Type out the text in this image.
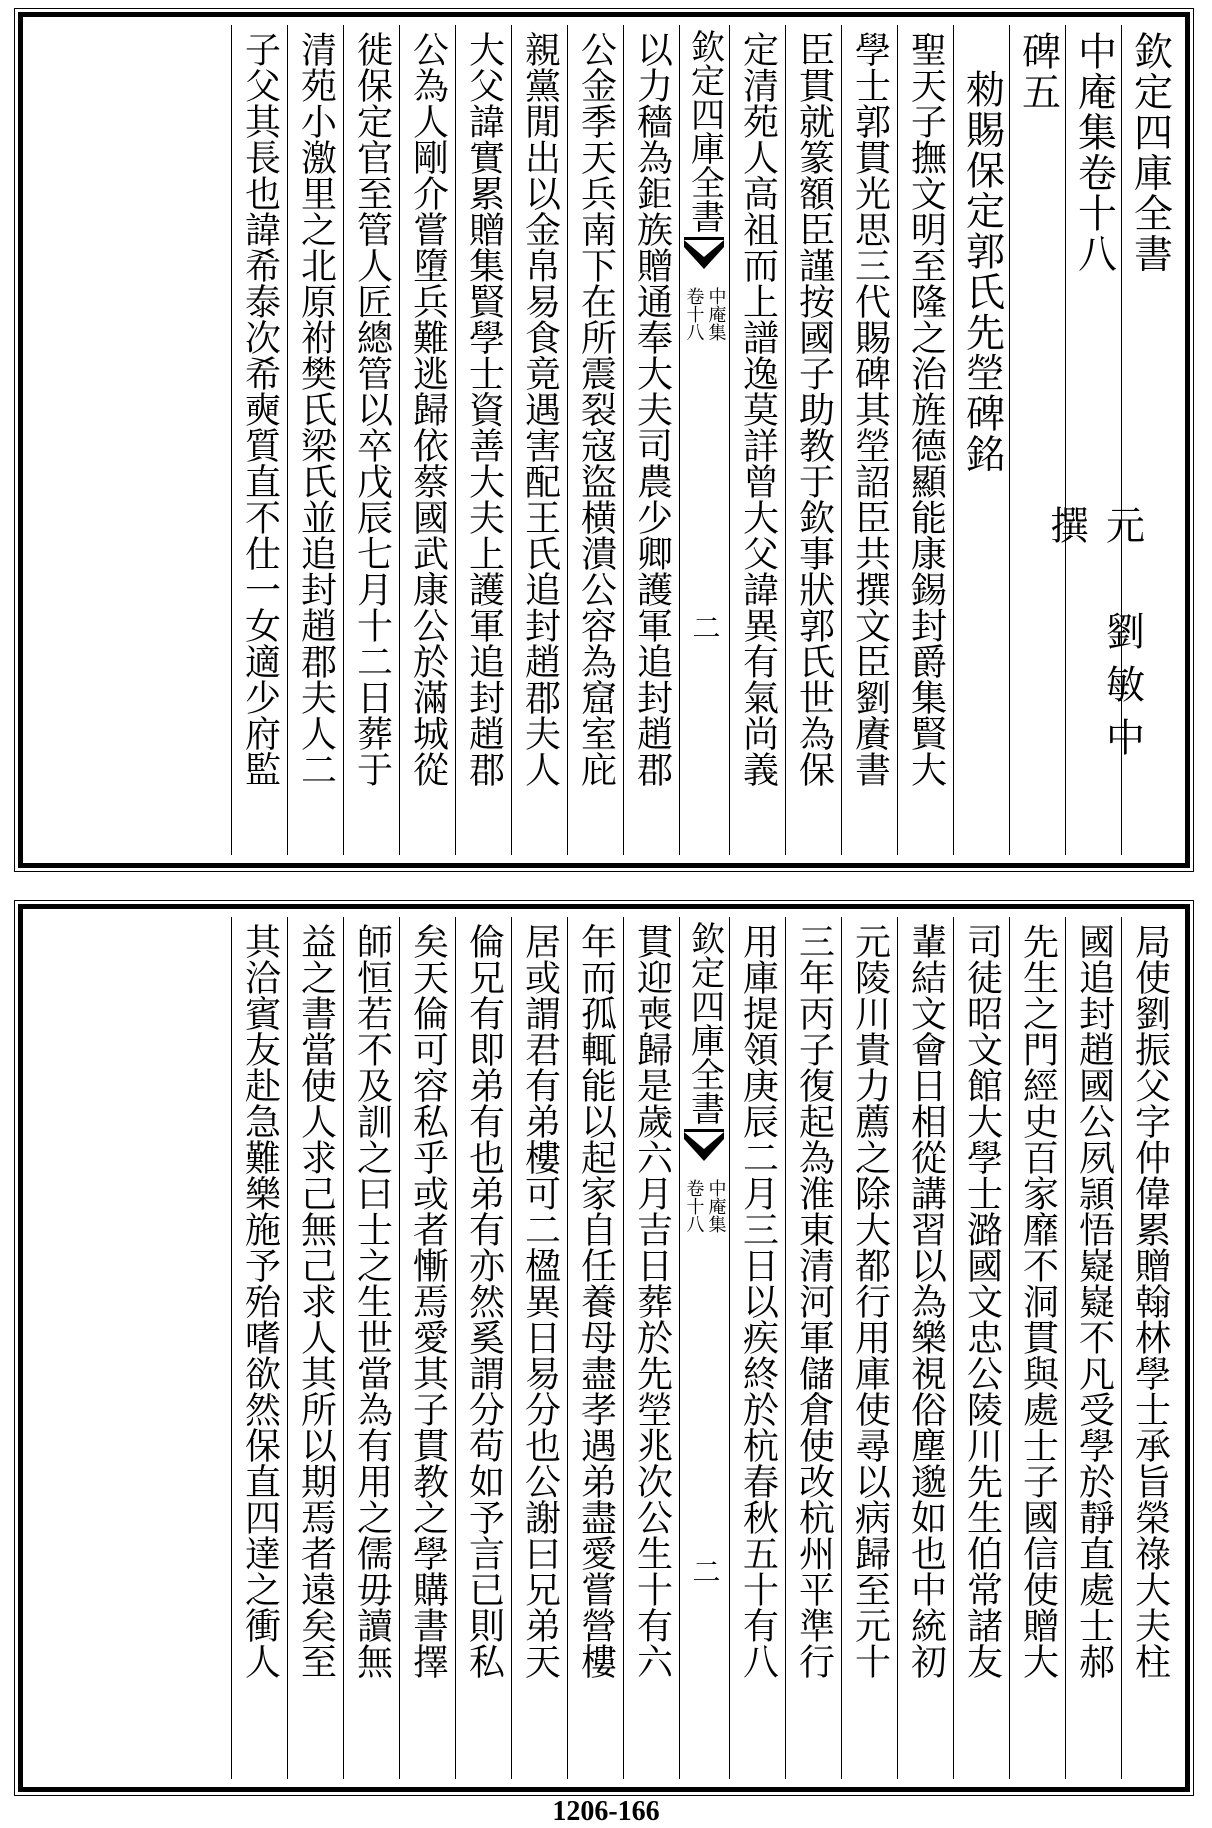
欽定四庫全書
中庵集卷十八
元　劉敏中　撰
碑五
勑賜保定郭氏先塋碑銘
聖天子撫文明至隆之治旌德顯能康錫封爵集賢大
學士郭貫光思三代賜碑其塋詔臣共撰文臣劉賡書
臣貫就篆額臣謹按國子助教于欽事狀郭氏世為保
定清苑人高祖而上譜逸莫詳曾大父諱異有氣尚義
欽定四庫全書
中庵集
卷十八
二
以力穡為鉅族贈通奉大夫司農少卿護軍追封趙郡
公金季天兵南下在所震裂寇盜横潰公容為窟室庇
親黨閒出以金帛易食竟遇害配王氏追封趙郡夫人
大父諱實累贈集賢學士資善大夫上護軍追封趙郡
公為人剛介嘗墮兵難逃歸依蔡國武康公於滿城從
徙保定官至管人匠總管以卒戊辰七月十二日葬于
清苑小激里之北原祔樊氏梁氏並追封趙郡夫人二
子父其長也諱希泰次希奭質直不仕一女適少府監
局使劉振父字仲偉累贈翰林學士承旨榮祿大夫柱
國追封趙國公夙頴悟嶷嶷不凡受學於靜直處士郝
先生之門經史百家靡不洞貫與處士子國信使贈大
司徒昭文館大學士潞國文忠公陵川先生伯常諸友
輩結文會日相從講習以為樂視俗塵邈如也中統初
元陵川貴力薦之除大都行用庫使尋以病歸至元十
三年丙子復起為淮東清河軍儲倉使改杭州平準行
用庫提領庚辰二月三日以疾終於杭春秋五十有八
欽定四庫全書
中庵集
卷十八
二
貫迎喪歸是歲六月吉日葬於先塋兆次公生十有六
年而孤輒能以起家自任養母盡孝遇弟盡愛嘗營樓
居或謂君有弟樓可二楹異日易分也公謝曰兄弟天
倫兄有即弟有也弟有亦然奚謂分苟如予言已則私
矣天倫可容私乎或者慚焉愛其子貫教之學購書擇
師恒若不及訓之曰士之生世當為有用之儒毋讀無
益之書當使人求己無己求人其所以期焉者遠矣至
其洽賓友赴急難樂施予殆嗜欲然保直四達之衝人
1206-166
